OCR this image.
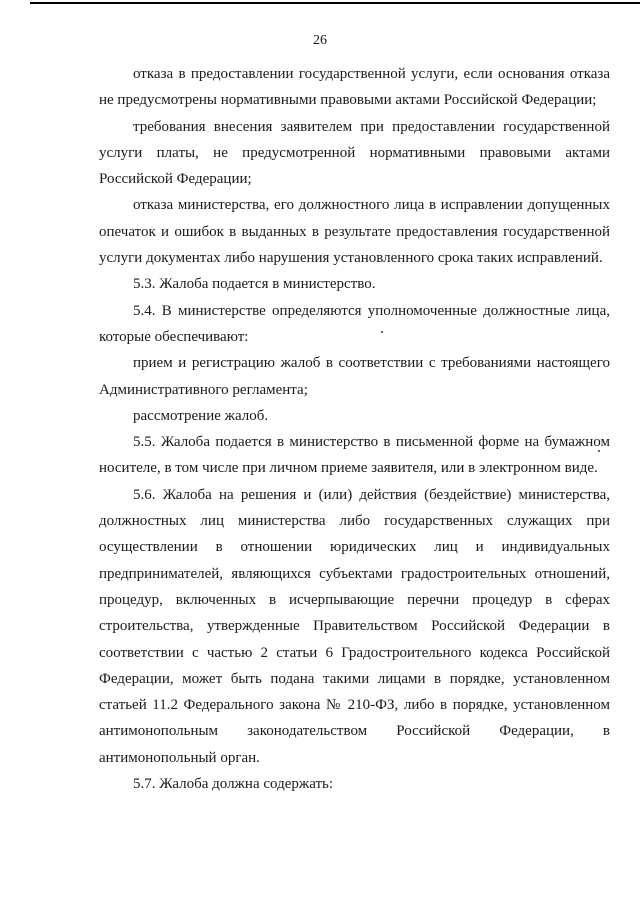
26

отказа в предоставлении государственной услуги, если основания отказа не предусмотрены нормативными правовыми актами Российской Федерации;

требования внесения заявителем при предоставлении государственной услуги платы, не предусмотренной нормативными правовыми актами Российской Федерации;

отказа министерства, его должностного лица в исправлении допущенных опечаток и ошибок в выданных в результате предоставления государственной услуги документах либо нарушения установленного срока таких исправлений.

5.3. Жалоба подается в министерство.

5.4. В министерстве определяются уполномоченные должностные лица, которые обеспечивают:

прием и регистрацию жалоб в соответствии с требованиями настоящего Административного регламента;

рассмотрение жалоб.

5.5. Жалоба подается в министерство в письменной форме на бумажном носителе, в том числе при личном приеме заявителя, или в электронном виде.

5.6. Жалоба на решения и (или) действия (бездействие) министерства, должностных лиц министерства либо государственных служащих при осуществлении в отношении юридических лиц и индивидуальных предпринимателей, являющихся субъектами градостроительных отношений, процедур, включенных в исчерпывающие перечни процедур в сферах строительства, утвержденные Правительством Российской Федерации в соответствии с частью 2 статьи 6 Градостроительного кодекса Российской Федерации, может быть подана такими лицами в порядке, установленном статьей 11.2 Федерального закона № 210-ФЗ, либо в порядке, установленном антимонопольным законодательством Российской Федерации, в антимонопольный орган.

5.7. Жалоба должна содержать:
